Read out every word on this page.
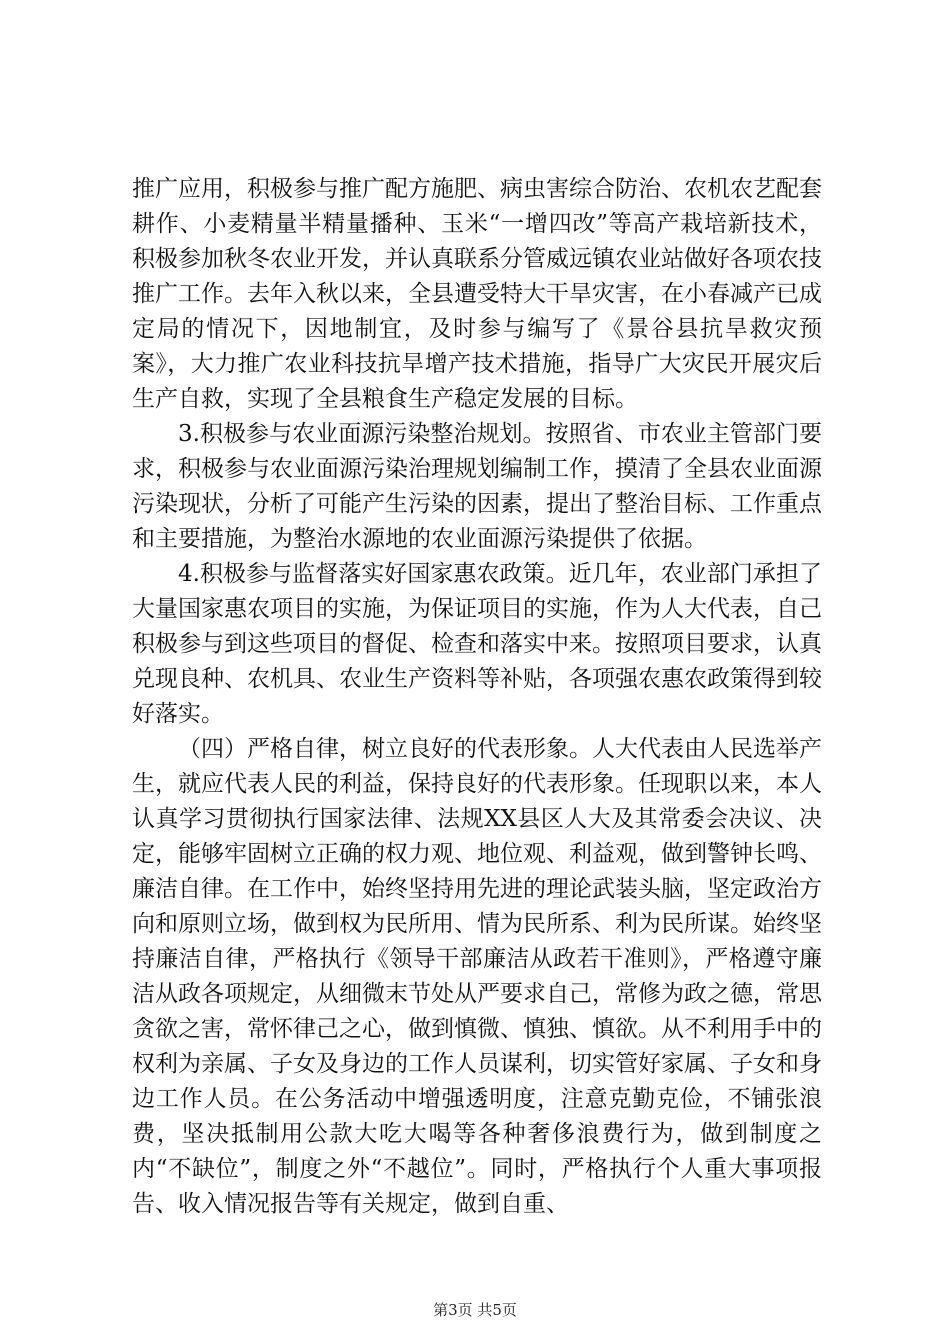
推广应用，积极参与推广配方施肥、病虫害综合防治、农机农艺配套耕作、小麦精量半精量播种、玉米“一增四改”等高产栽培新技术，积极参加秋冬农业开发，并认真联系分管威远镇农业站做好各项农技推广工作。去年入秋以来，全县遭受特大干旱灾害，在小春减产已成定局的情况下，因地制宜，及时参与编写了《景谷县抗旱救灾预案》，大力推广农业科技抗旱增产技术措施，指导广大灾民开展灾后生产自救，实现了全县粮食生产稳定发展的目标。

3.积极参与农业面源污染整治规划。按照省、市农业主管部门要求，积极参与农业面源污染治理规划编制工作，摸清了全县农业面源污染现状，分析了可能产生污染的因素，提出了整治目标、工作重点和主要措施，为整治水源地的农业面源污染提供了依据。

4.积极参与监督落实好国家惠农政策。近几年，农业部门承担了大量国家惠农项目的实施，为保证项目的实施，作为人大代表，自己积极参与到这些项目的督促、检查和落实中来。按照项目要求，认真兑现良种、农机具、农业生产资料等补贴，各项强农惠农政策得到较好落实。

（四）严格自律，树立良好的代表形象。人大代表由人民选举产生，就应代表人民的利益，保持良好的代表形象。任现职以来，本人认真学习贯彻执行国家法律、法规XX县区人大及其常委会决议、决定，能够牢固树立正确的权力观、地位观、利益观，做到警钟长鸣、廉洁自律。在工作中，始终坚持用先进的理论武装头脑，坚定政治方向和原则立场，做到权为民所用、情为民所系、利为民所谋。始终坚持廉洁自律，严格执行《领导干部廉洁从政若干准则》，严格遵守廉洁从政各项规定，从细微末节处从严要求自己，常修为政之德，常思贪欲之害，常怀律己之心，做到慎微、慎独、慎欲。从不利用手中的权利为亲属、子女及身边的工作人员谋利，切实管好家属、子女和身边工作人员。在公务活动中增强透明度，注意克勤克俭，不铺张浪费，坚决抵制用公款大吃大喝等各种奢侈浪费行为，做到制度之内“不缺位”，制度之外“不越位”。同时，严格执行个人重大事项报告、收入情况报告等有关规定，做到自重、

第3页 共5页
